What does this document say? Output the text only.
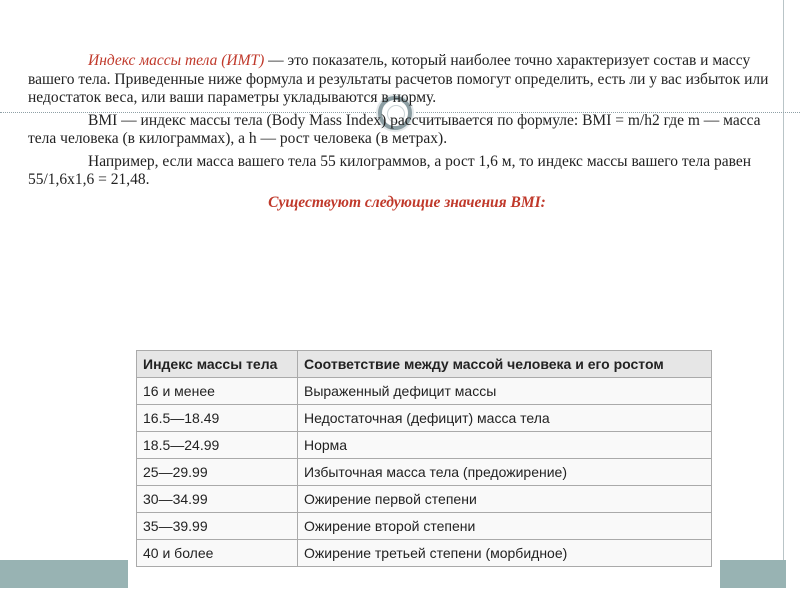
Индекс массы тела (ИМТ) — это показатель, который наиболее точно характеризует состав и массу вашего тела. Приведенные ниже формула и результаты расчетов помогут определить, есть ли у вас избыток или недостаток веса, или ваши параметры укладываются в норму.

BMI — индекс массы тела (Body Mass Index) рассчитывается по формуле: BMI = m/h2 где m — масса тела человека (в килограммах), а h — рост человека (в метрах).

Например, если масса вашего тела 55 килограммов, а рост 1,6 м, то индекс массы вашего тела равен 55/1,6х1,6 = 21,48.

Существуют следующие значения BMI:

Индекс массы тела	Соответствие между массой человека и его ростом
16 и менее	Выраженный дефицит массы
16.5—18.49	Недостаточная (дефицит) масса тела
18.5—24.99	Норма
25—29.99	Избыточная масса тела (предожирение)
30—34.99	Ожирение первой степени
35—39.99	Ожирение второй степени
40 и более	Ожирение третьей степени (морбидное)
